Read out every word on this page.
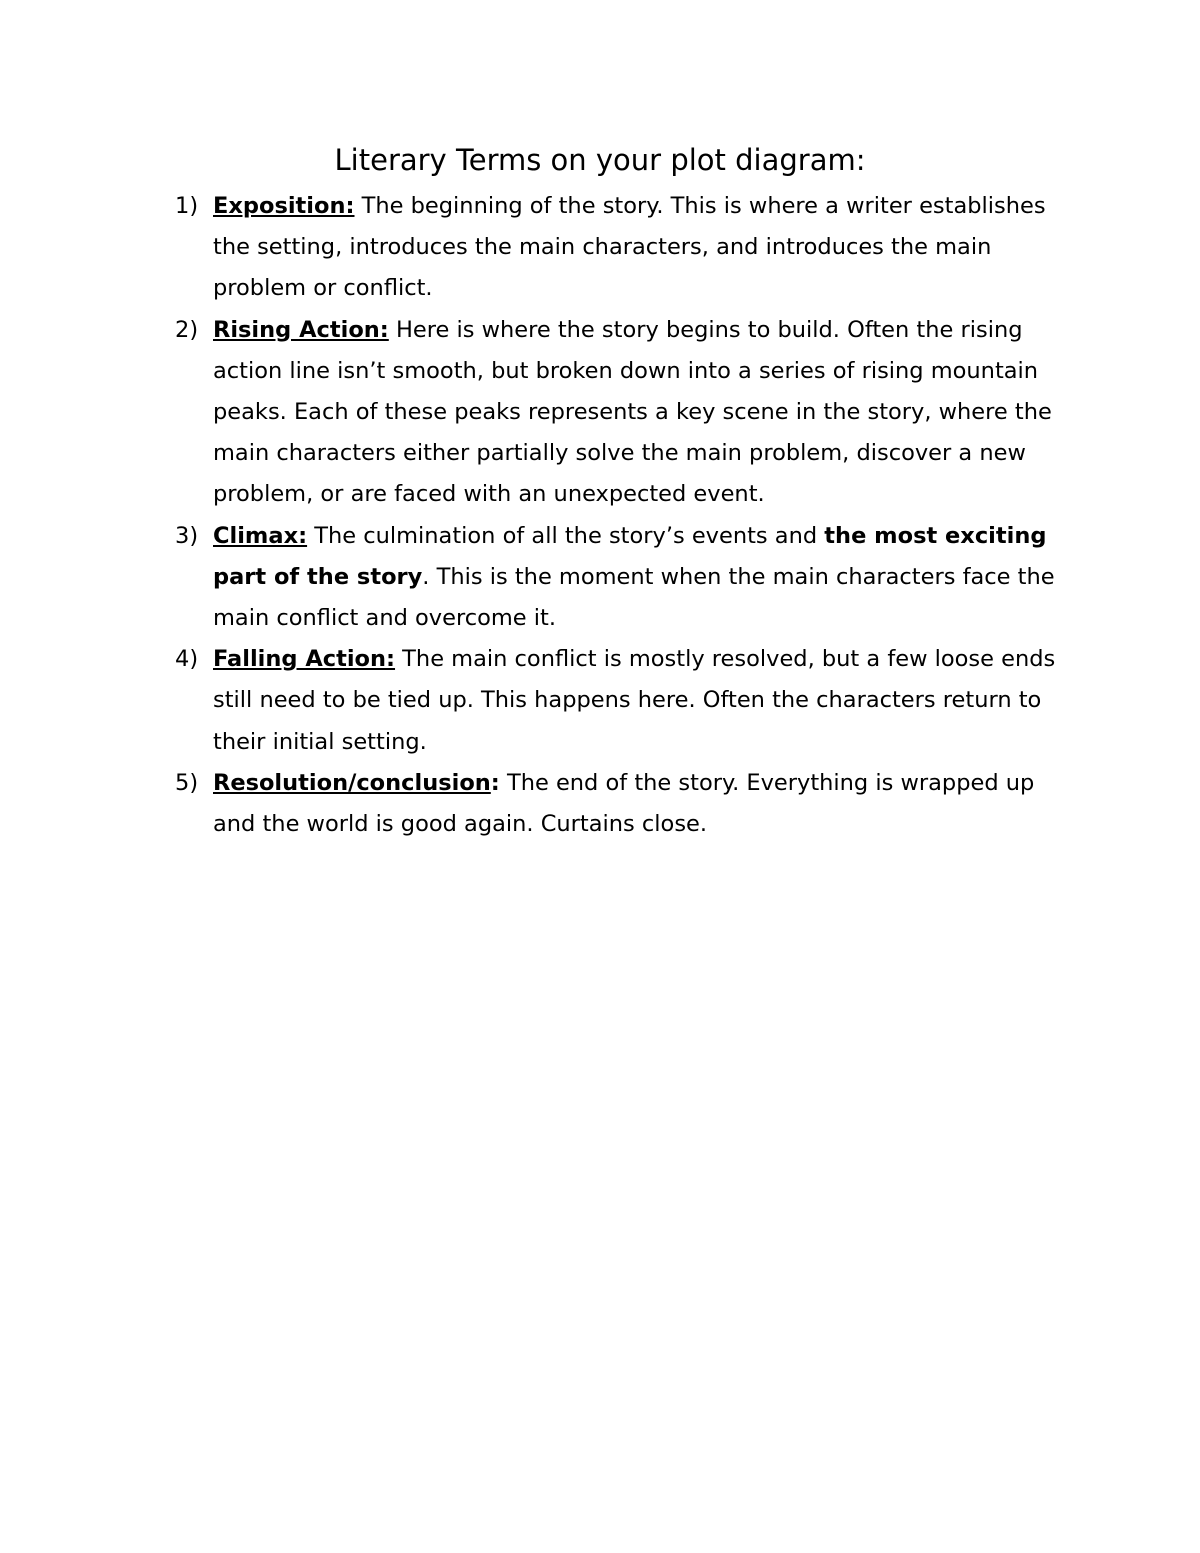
Literary Terms on your plot diagram:
1) Exposition: The beginning of the story. This is where a writer establishes the setting, introduces the main characters, and introduces the main problem or conflict.
2) Rising Action: Here is where the story begins to build. Often the rising action line isn’t smooth, but broken down into a series of rising mountain peaks. Each of these peaks represents a key scene in the story, where the main characters either partially solve the main problem, discover a new problem, or are faced with an unexpected event.
3) Climax: The culmination of all the story’s events and the most exciting part of the story. This is the moment when the main characters face the main conflict and overcome it.
4) Falling Action: The main conflict is mostly resolved, but a few loose ends still need to be tied up. This happens here. Often the characters return to their initial setting.
5) Resolution/conclusion: The end of the story. Everything is wrapped up and the world is good again. Curtains close.
